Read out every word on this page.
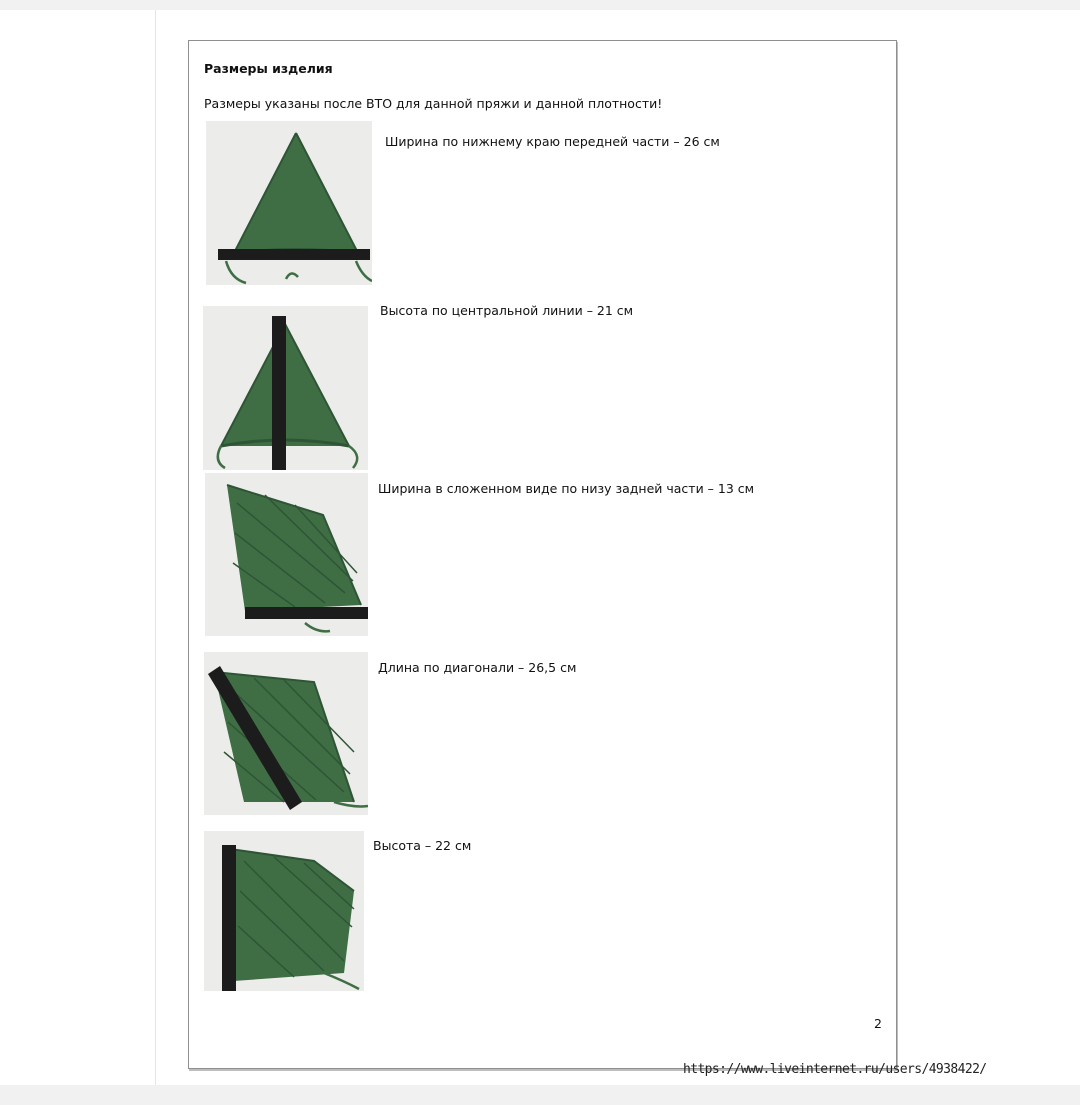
Размеры изделия
Размеры указаны после ВТО для данной пряжи и данной плотности!
Ширина по нижнему краю передней части – 26 см
Высота по центральной линии – 21 см
Ширина в сложенном виде по низу задней части – 13 см
Длина по диагонали – 26,5 см
Высота – 22 см
2
https://www.liveinternet.ru/users/4938422/
